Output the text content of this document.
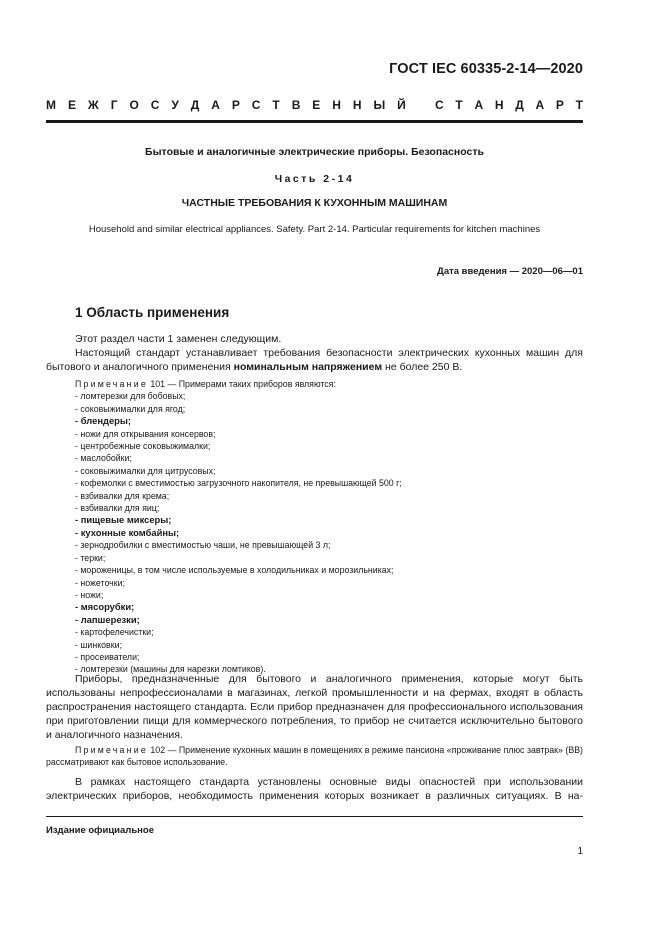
ГОСТ IEC 60335-2-14—2020
М Е Ж Г О С У Д А Р С Т В Е Н Н Ы Й С Т А Н Д А Р Т
Бытовые и аналогичные электрические приборы. Безопасность
Часть 2-14
ЧАСТНЫЕ ТРЕБОВАНИЯ К КУХОННЫМ МАШИНАМ
Household and similar electrical appliances. Safety. Part 2-14. Particular requirements for kitchen machines
Дата введения — 2020—06—01
1 Область применения

Этот раздел части 1 заменен следующим.

Настоящий стандарт устанавливает требования безопасности электрических кухонных машин для бытового и аналогичного применения номинальным напряжением не более 250 В.

Примечание 101 — Примерами таких приборов являются:
- ломтерезки для бобовых;
- соковыжималки для ягод;
- блендеры;
- ножи для открывания консервов;
- центробежные соковыжималки;
- маслобойки;
- соковыжималки для цитрусовых;
- кофемолки с вместимостью загрузочного накопителя, не превышающей 500 г;
- взбивалки для крема;
- взбивалки для яиц;
- пищевые миксеры;
- кухонные комбайны;
- зернодробилки с вместимостью чаши, не превышающей 3 л;
- терки;
- мороженицы, в том числе используемые в холодильниках и морозильниках;
- ножеточки;
- ножи;
- мясорубки;
- лапшерезки;
- картофелечистки;
- шинковки;
- просеиватели;
- ломтерезки (машины для нарезки ломтиков).

Приборы, предназначенные для бытового и аналогичного применения, которые могут быть использованы непрофессионалами в магазинах, легкой промышленности и на фермах, входят в область распространения настоящего стандарта. Если прибор предназначен для профессионального использования при приготовлении пищи для коммерческого потребления, то прибор не считается исключительно бытового и аналогичного назначения.

Примечание 102 — Применение кухонных машин в помещениях в режиме пансиона «проживание плюс завтрак» (ВВ) рассматривают как бытовое использование.

В рамках настоящего стандарта установлены основные виды опасностей при использовании электрических приборов, необходимость применения которых возникает в различных ситуациях. В на-

Издание официальное
1
